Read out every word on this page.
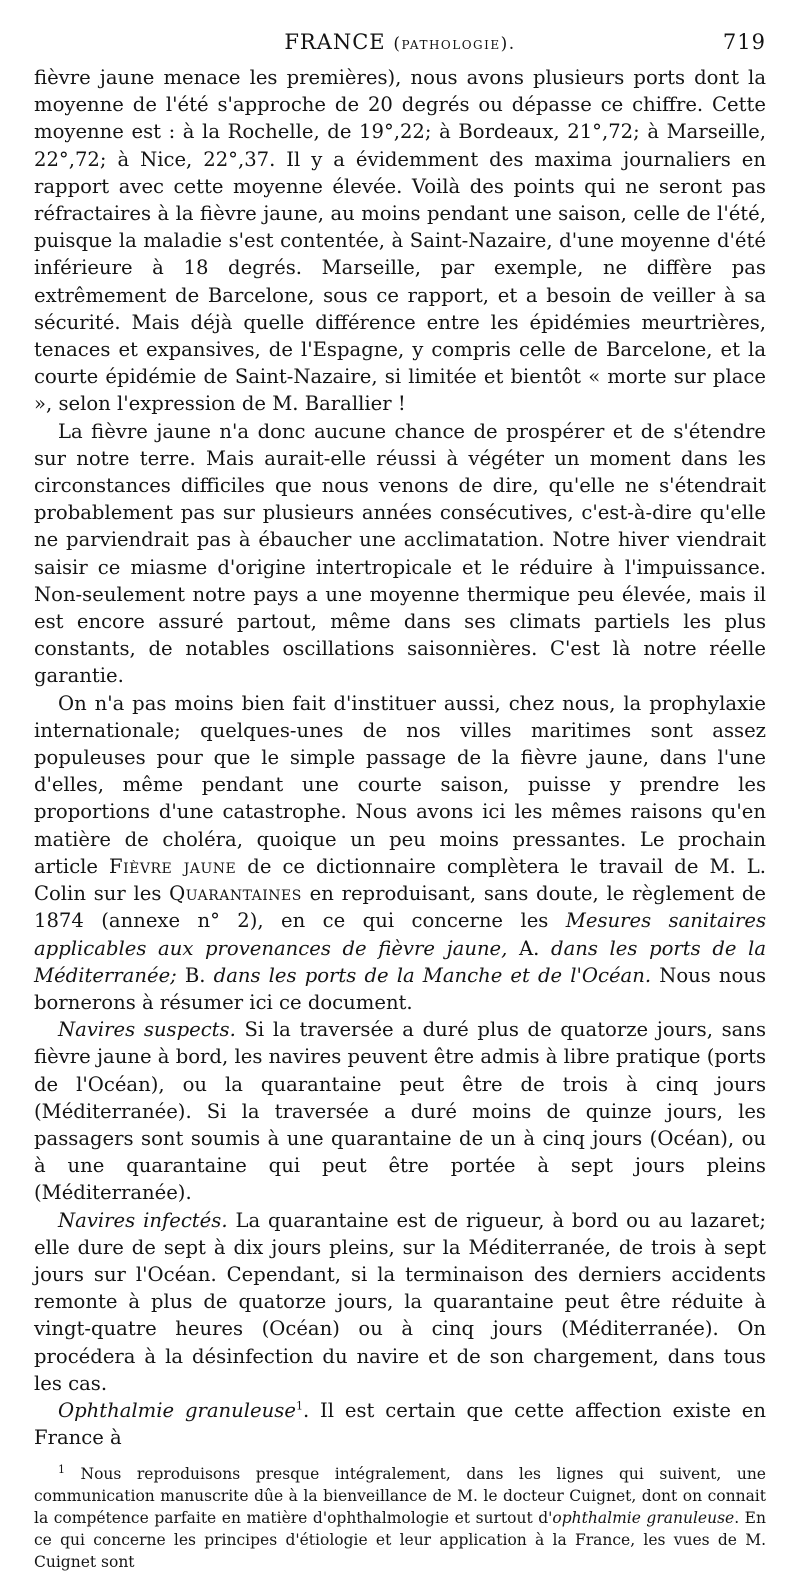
FRANCE (pathologie).	719

fièvre jaune menace les premières), nous avons plusieurs ports dont la moyenne de l'été s'approche de 20 degrés ou dépasse ce chiffre. Cette moyenne est : à la Rochelle, de 19°,22; à Bordeaux, 21°,72; à Marseille, 22°,72; à Nice, 22°,37. Il y a évidemment des maxima journaliers en rapport avec cette moyenne élevée. Voilà des points qui ne seront pas réfractaires à la fièvre jaune, au moins pendant une saison, celle de l'été, puisque la maladie s'est contentée, à Saint-Nazaire, d'une moyenne d'été inférieure à 18 degrés. Marseille, par exemple, ne diffère pas extrêmement de Barcelone, sous ce rapport, et a besoin de veiller à sa sécurité. Mais déjà quelle différence entre les épidémies meurtrières, tenaces et expansives, de l'Espagne, y compris celle de Barcelone, et la courte épidémie de Saint-Nazaire, si limitée et bientôt « morte sur place », selon l'expression de M. Barallier !

La fièvre jaune n'a donc aucune chance de prospérer et de s'étendre sur notre terre. Mais aurait-elle réussi à végéter un moment dans les circonstances difficiles que nous venons de dire, qu'elle ne s'étendrait probablement pas sur plusieurs années consécutives, c'est-à-dire qu'elle ne parviendrait pas à ébaucher une acclimatation. Notre hiver viendrait saisir ce miasme d'origine intertropicale et le réduire à l'impuissance. Non-seulement notre pays a une moyenne thermique peu élevée, mais il est encore assuré partout, même dans ses climats partiels les plus constants, de notables oscillations saisonnières. C'est là notre réelle garantie.

On n'a pas moins bien fait d'instituer aussi, chez nous, la prophylaxie internationale; quelques-unes de nos villes maritimes sont assez populeuses pour que le simple passage de la fièvre jaune, dans l'une d'elles, même pendant une courte saison, puisse y prendre les proportions d'une catastrophe. Nous avons ici les mêmes raisons qu'en matière de choléra, quoique un peu moins pressantes. Le prochain article Fièvre jaune de ce dictionnaire complètera le travail de M. L. Colin sur les Quarantaines en reproduisant, sans doute, le règlement de 1874 (annexe n° 2), en ce qui concerne les Mesures sanitaires applicables aux provenances de fièvre jaune, A. dans les ports de la Méditerranée; B. dans les ports de la Manche et de l'Océan. Nous nous bornerons à résumer ici ce document.

Navires suspects. Si la traversée a duré plus de quatorze jours, sans fièvre jaune à bord, les navires peuvent être admis à libre pratique (ports de l'Océan), ou la quarantaine peut être de trois à cinq jours (Méditerranée). Si la traversée a duré moins de quinze jours, les passagers sont soumis à une quarantaine de un à cinq jours (Océan), ou à une quarantaine qui peut être portée à sept jours pleins (Méditerranée).

Navires infectés. La quarantaine est de rigueur, à bord ou au lazaret; elle dure de sept à dix jours pleins, sur la Méditerranée, de trois à sept jours sur l'Océan. Cependant, si la terminaison des derniers accidents remonte à plus de quatorze jours, la quarantaine peut être réduite à vingt-quatre heures (Océan) ou à cinq jours (Méditerranée). On procédera à la désinfection du navire et de son chargement, dans tous les cas.

Ophthalmie granuleuse$^1$. Il est certain que cette affection existe en France à

$^1$ Nous reproduisons presque intégralement, dans les lignes qui suivent, une communication manuscrite dûe à la bienveillance de M. le docteur Cuignet, dont on connait la compétence parfaite en matière d'ophthalmologie et surtout d'ophthalmie granuleuse. En ce qui concerne les principes d'étiologie et leur application à la France, les vues de M. Cuignet sont
